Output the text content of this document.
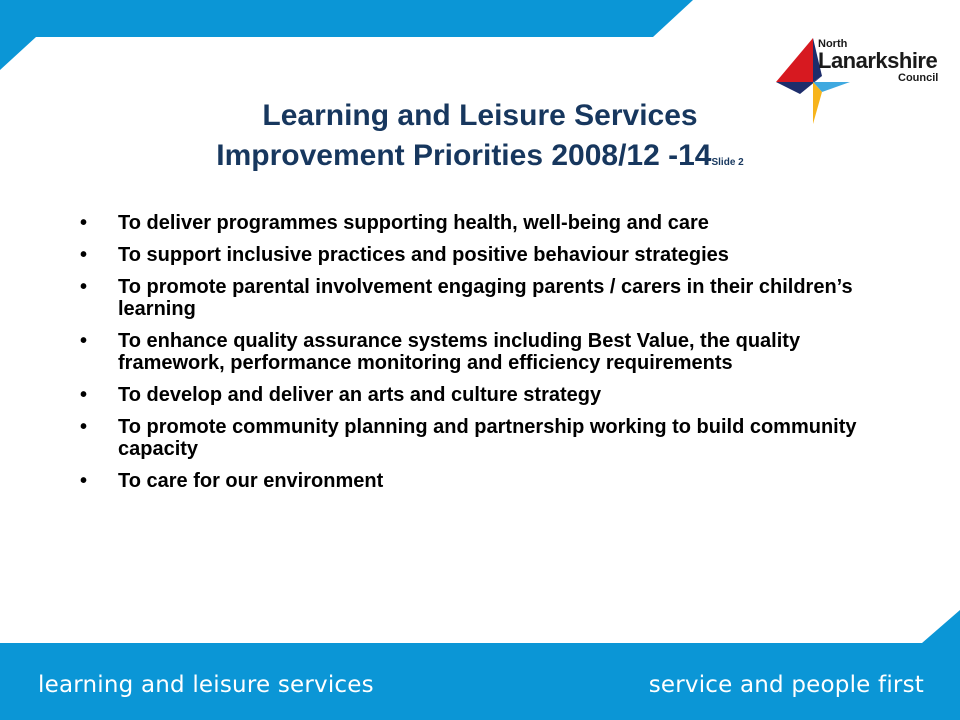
North
Lanarkshire
Council
Learning and Leisure Services
Improvement Priorities 2008/12 -14Slide 2
• To deliver programmes supporting health, well-being and care
• To support inclusive practices and positive behaviour strategies
• To promote parental involvement engaging parents / carers in their children’s learning
• To enhance quality assurance systems including Best Value, the quality framework, performance monitoring and efficiency requirements
• To develop and deliver an arts and culture strategy
• To promote community planning and partnership working to build community capacity
• To care for our environment
learning and leisure services	service and people first
